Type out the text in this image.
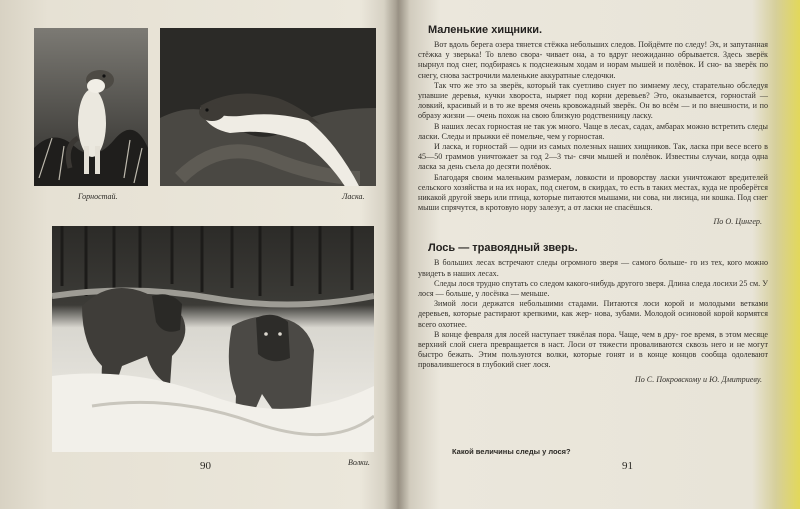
Горностай.	Ласка.
Волки.
90
Маленькие хищники.

Вот вдоль берега озера тянется стёжка небольших следов. Пойдёмте по следу! Эх, и запутанная стёжка у зверька! То влево свора- чивает она, а то вдруг неожиданно обрывается. Здесь зверёк нырнул под снег, подбираясь к подснежным ходам и норам мышей и полёвок. И сно- ва зверёк по снегу, снова застрочили маленькие аккуратные следочки.

Так что же это за зверёк, который так суетливо снует по зимнему лесу, старательно обследуя упавшие деревья, кучки хвороста, ныряет под корни деревьев? Это, оказывается, горностай — ловкий, красивый и в то же время очень кровожадный зверёк. Он во всём — и по внешности, и по образу жизни — очень похож на свою близкую родственницу ласку.

В наших лесах горностая не так уж много. Чаще в лесах, садах, амбарах можно встретить следы ласки. Следы и прыжки её помельче, чем у горностая.

И ласка, и горностай — одни из самых полезных наших хищников. Так, ласка при весе всего в 45—50 граммов уничтожает за год 2—3 ты- сячи мышей и полёвок. Известны случаи, когда одна ласка за день съела до десяти полёвок.

Благодаря своим маленьким размерам, ловкости и проворству ласки уничтожают вредителей сельского хозяйства и на их норах, под снегом, в скирдах, то есть в таких местах, куда не проберётся никакой другой зверь или птица, которые питаются мышами, ни сова, ни лисица, ни кошка. Под снег мыши спрячутся, в кротовую нору залезут, а от ласки не спасёшься.

По О. Цингер.
Лось — травоядный зверь.

В больших лесах встречают следы огромного зверя — самого больше- го из тех, кого можно увидеть в наших лесах.

Следы лося трудно спутать со следом какого-нибудь другого зверя. Длина следа лосихи 25 см. У лося — больше, у лосёнка — меньше.

Зимой лоси держатся небольшими стадами. Питаются лоси корой и молодыми ветками деревьев, которые растирают крепкими, как жер- нова, зубами. Молодой осиновой корой кормятся всего охотнее.

В конце февраля для лосей наступает тяжёлая пора. Чаще, чем в дру- гое время, в этом месяце верхний слой снега превращается в наст. Лоси от тяжести проваливаются сквозь него и не могут быстро бежать. Этим пользуются волки, которые гонят и в конце концов сообща одолевают провалившегося в глубокий снег лося.

По С. Покровскому и Ю. Дмитриеву.
Какой величины следы у лося?
91
